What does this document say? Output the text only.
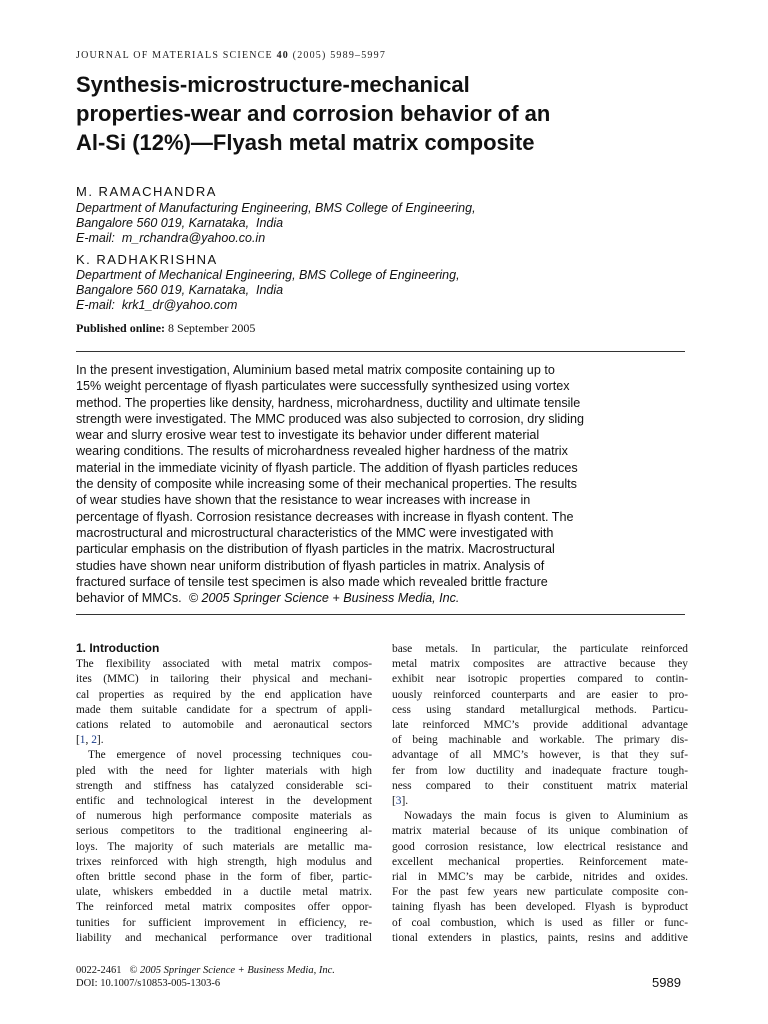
JOURNAL OF MATERIALS SCIENCE 40 (2005) 5989–5997
Synthesis-microstructure-mechanical
properties-wear and corrosion behavior of an
Al-Si (12%)—Flyash metal matrix composite
M. RAMACHANDRA
Department of Manufacturing Engineering, BMS College of Engineering,
Bangalore 560 019, Karnataka,  India
E-mail:  m_rchandra@yahoo.co.in
K. RADHAKRISHNA
Department of Mechanical Engineering, BMS College of Engineering,
Bangalore 560 019, Karnataka,  India
E-mail:  krk1_dr@yahoo.com
Published online: 8 September 2005
In the present investigation, Aluminium based metal matrix composite containing up to
15% weight percentage of flyash particulates were successfully synthesized using vortex
method. The properties like density, hardness, microhardness, ductility and ultimate tensile
strength were investigated. The MMC produced was also subjected to corrosion, dry sliding
wear and slurry erosive wear test to investigate its behavior under different material
wearing conditions. The results of microhardness revealed higher hardness of the matrix
material in the immediate vicinity of flyash particle. The addition of flyash particles reduces
the density of composite while increasing some of their mechanical properties. The results
of wear studies have shown that the resistance to wear increases with increase in
percentage of flyash. Corrosion resistance decreases with increase in flyash content. The
macrostructural and microstructural characteristics of the MMC were investigated with
particular emphasis on the distribution of flyash particles in the matrix. Macrostructural
studies have shown near uniform distribution of flyash particles in matrix. Analysis of
fractured surface of tensile test specimen is also made which revealed brittle fracture
behavior of MMCs. © 2005 Springer Science + Business Media, Inc.
1. Introduction
The flexibility associated with metal matrix compos-
ites (MMC) in tailoring their physical and mechani-
cal properties as required by the end application have
made them suitable candidate for a spectrum of appli-
cations related to automobile and aeronautical sectors
[1, 2].
The emergence of novel processing techniques cou-
pled with the need for lighter materials with high
strength and stiffness has catalyzed considerable sci-
entific and technological interest in the development
of numerous high performance composite materials as
serious competitors to the traditional engineering al-
loys. The majority of such materials are metallic ma-
trixes reinforced with high strength, high modulus and
often brittle second phase in the form of fiber, partic-
ulate, whiskers embedded in a ductile metal matrix.
The reinforced metal matrix composites offer oppor-
tunities for sufficient improvement in efficiency, re-
liability and mechanical performance over traditional
base metals. In particular, the particulate reinforced
metal matrix composites are attractive because they
exhibit near isotropic properties compared to contin-
uously reinforced counterparts and are easier to pro-
cess using standard metallurgical methods. Particu-
late reinforced MMC’s provide additional advantage
of being machinable and workable. The primary dis-
advantage of all MMC’s however, is that they suf-
fer from low ductility and inadequate fracture tough-
ness compared to their constituent matrix material
[3].
Nowadays the main focus is given to Aluminium as
matrix material because of its unique combination of
good corrosion resistance, low electrical resistance and
excellent mechanical properties. Reinforcement mate-
rial in MMC’s may be carbide, nitrides and oxides.
For the past few years new particulate composite con-
taining flyash has been developed. Flyash is byproduct
of coal combustion, which is used as filler or func-
tional extenders in plastics, paints, resins and additive
0022-2461 © 2005 Springer Science + Business Media, Inc.
DOI: 10.1007/s10853-005-1303-6	5989
